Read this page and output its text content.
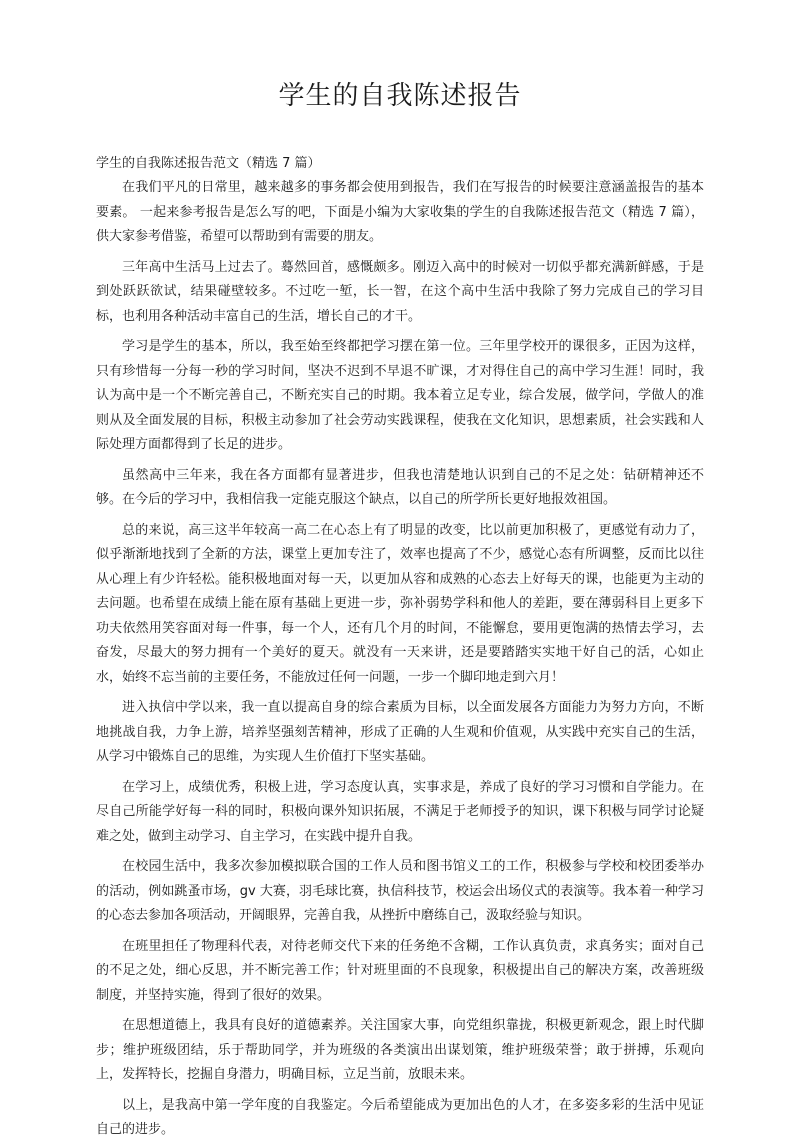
学生的自我陈述报告
学生的自我陈述报告范文（精选 7 篇）

在我们平凡的日常里，越来越多的事务都会使用到报告，我们在写报告的时候要注意涵盖报告的基本要素。 一起来参考报告是怎么写的吧，下面是小编为大家收集的学生的自我陈述报告范文（精选 7 篇），供大家参考借鉴，希望可以帮助到有需要的朋友。

三年高中生活马上过去了。蓦然回首，感慨颇多。刚迈入高中的时候对一切似乎都充满新鲜感，于是到处跃跃欲试，结果碰壁较多。不过吃一堑，长一智，在这个高中生活中我除了努力完成自己的学习目标，也利用各种活动丰富自己的生活，增长自己的才干。

学习是学生的基本，所以，我至始至终都把学习摆在第一位。三年里学校开的课很多，正因为这样，只有珍惜每一分每一秒的学习时间，坚决不迟到不早退不旷课，才对得住自己的高中学习生涯！同时，我认为高中是一个不断完善自己，不断充实自己的时期。我本着立足专业，综合发展，做学问，学做人的准则从及全面发展的目标，积极主动参加了社会劳动实践课程，使我在文化知识，思想素质，社会实践和人际处理方面都得到了长足的进步。

虽然高中三年来，我在各方面都有显著进步，但我也清楚地认识到自己的不足之处：钻研精神还不够。在今后的学习中，我相信我一定能克服这个缺点，以自己的所学所长更好地报效祖国。

总的来说，高三这半年较高一高二在心态上有了明显的改变，比以前更加积极了，更感觉有动力了，似乎渐渐地找到了全新的方法，课堂上更加专注了，效率也提高了不少，感觉心态有所调整，反而比以往从心理上有少许轻松。能积极地面对每一天，以更加从容和成熟的心态去上好每天的课，也能更为主动的去问题。也希望在成绩上能在原有基础上更进一步，弥补弱势学科和他人的差距，要在薄弱科目上更多下功夫依然用笑容面对每一件事，每一个人，还有几个月的时间，不能懈怠，要用更饱满的热情去学习，去奋发，尽最大的努力拥有一个美好的夏天。就没有一天来讲，还是要踏踏实实地干好自己的活，心如止水，始终不忘当前的主要任务，不能放过任何一问题，一步一个脚印地走到六月！

进入执信中学以来，我一直以提高自身的综合素质为目标，以全面发展各方面能力为努力方向，不断地挑战自我，力争上游，培养坚强刻苦精神，形成了正确的人生观和价值观，从实践中充实自己的生活，从学习中锻炼自己的思维，为实现人生价值打下坚实基础。

在学习上，成绩优秀，积极上进，学习态度认真，实事求是，养成了良好的学习习惯和自学能力。在尽自己所能学好每一科的同时，积极向课外知识拓展，不满足于老师授予的知识，课下积极与同学讨论疑难之处，做到主动学习、自主学习，在实践中提升自我。

在校园生活中，我多次参加模拟联合国的工作人员和图书馆义工的工作，积极参与学校和校团委举办的活动，例如跳蚤市场，gv 大赛，羽毛球比赛，执信科技节，校运会出场仪式的表演等。我本着一种学习的心态去参加各项活动，开阔眼界，完善自我，从挫折中磨练自己，汲取经验与知识。

在班里担任了物理科代表，对待老师交代下来的任务绝不含糊，工作认真负责，求真务实；面对自己的不足之处，细心反思，并不断完善工作；针对班里面的不良现象，积极提出自己的解决方案，改善班级制度，并坚持实施，得到了很好的效果。

在思想道德上，我具有良好的道德素养。关注国家大事，向党组织靠拢，积极更新观念，跟上时代脚步；维护班级团结，乐于帮助同学，并为班级的各类演出出谋划策，维护班级荣誉；敢于拼搏，乐观向上，发挥特长，挖掘自身潜力，明确目标，立足当前，放眼未来。

以上，是我高中第一学年度的自我鉴定。今后希望能成为更加出色的人才，在多姿多彩的生活中见证自己的进步。
